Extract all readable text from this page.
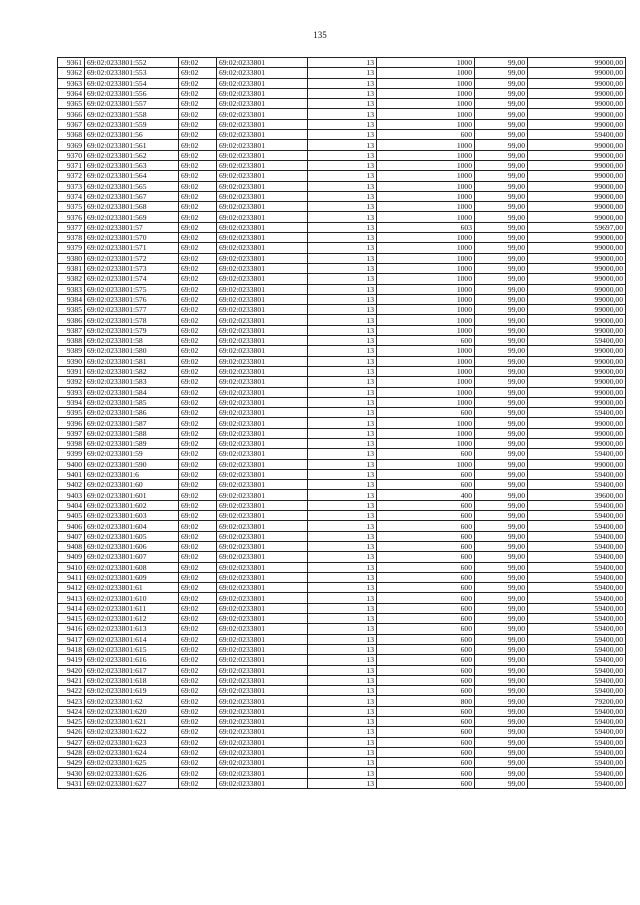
135
9361	69:02:0233801:552	69:02	69:02:0233801	13	1000	99,00	99000,00
9362	69:02:0233801:553	69:02	69:02:0233801	13	1000	99,00	99000,00
9363	69:02:0233801:554	69:02	69:02:0233801	13	1000	99,00	99000,00
9364	69:02:0233801:556	69:02	69:02:0233801	13	1000	99,00	99000,00
9365	69:02:0233801:557	69:02	69:02:0233801	13	1000	99,00	99000,00
9366	69:02:0233801:558	69:02	69:02:0233801	13	1000	99,00	99000,00
9367	69:02:0233801:559	69:02	69:02:0233801	13	1000	99,00	99000,00
9368	69:02:0233801:56	69:02	69:02:0233801	13	600	99,00	59400,00
9369	69:02:0233801:561	69:02	69:02:0233801	13	1000	99,00	99000,00
9370	69:02:0233801:562	69:02	69:02:0233801	13	1000	99,00	99000,00
9371	69:02:0233801:563	69:02	69:02:0233801	13	1000	99,00	99000,00
9372	69:02:0233801:564	69:02	69:02:0233801	13	1000	99,00	99000,00
9373	69:02:0233801:565	69:02	69:02:0233801	13	1000	99,00	99000,00
9374	69:02:0233801:567	69:02	69:02:0233801	13	1000	99,00	99000,00
9375	69:02:0233801:568	69:02	69:02:0233801	13	1000	99,00	99000,00
9376	69:02:0233801:569	69:02	69:02:0233801	13	1000	99,00	99000,00
9377	69:02:0233801:57	69:02	69:02:0233801	13	603	99,00	59697,00
9378	69:02:0233801:570	69:02	69:02:0233801	13	1000	99,00	99000,00
9379	69:02:0233801:571	69:02	69:02:0233801	13	1000	99,00	99000,00
9380	69:02:0233801:572	69:02	69:02:0233801	13	1000	99,00	99000,00
9381	69:02:0233801:573	69:02	69:02:0233801	13	1000	99,00	99000,00
9382	69:02:0233801:574	69:02	69:02:0233801	13	1000	99,00	99000,00
9383	69:02:0233801:575	69:02	69:02:0233801	13	1000	99,00	99000,00
9384	69:02:0233801:576	69:02	69:02:0233801	13	1000	99,00	99000,00
9385	69:02:0233801:577	69:02	69:02:0233801	13	1000	99,00	99000,00
9386	69:02:0233801:578	69:02	69:02:0233801	13	1000	99,00	99000,00
9387	69:02:0233801:579	69:02	69:02:0233801	13	1000	99,00	99000,00
9388	69:02:0233801:58	69:02	69:02:0233801	13	600	99,00	59400,00
9389	69:02:0233801:580	69:02	69:02:0233801	13	1000	99,00	99000,00
9390	69:02:0233801:581	69:02	69:02:0233801	13	1000	99,00	99000,00
9391	69:02:0233801:582	69:02	69:02:0233801	13	1000	99,00	99000,00
9392	69:02:0233801:583	69:02	69:02:0233801	13	1000	99,00	99000,00
9393	69:02:0233801:584	69:02	69:02:0233801	13	1000	99,00	99000,00
9394	69:02:0233801:585	69:02	69:02:0233801	13	1000	99,00	99000,00
9395	69:02:0233801:586	69:02	69:02:0233801	13	600	99,00	59400,00
9396	69:02:0233801:587	69:02	69:02:0233801	13	1000	99,00	99000,00
9397	69:02:0233801:588	69:02	69:02:0233801	13	1000	99,00	99000,00
9398	69:02:0233801:589	69:02	69:02:0233801	13	1000	99,00	99000,00
9399	69:02:0233801:59	69:02	69:02:0233801	13	600	99,00	59400,00
9400	69:02:0233801:590	69:02	69:02:0233801	13	1000	99,00	99000,00
9401	69:02:0233801:6	69:02	69:02:0233801	13	600	99,00	59400,00
9402	69:02:0233801:60	69:02	69:02:0233801	13	600	99,00	59400,00
9403	69:02:0233801:601	69:02	69:02:0233801	13	400	99,00	39600,00
9404	69:02:0233801:602	69:02	69:02:0233801	13	600	99,00	59400,00
9405	69:02:0233801:603	69:02	69:02:0233801	13	600	99,00	59400,00
9406	69:02:0233801:604	69:02	69:02:0233801	13	600	99,00	59400,00
9407	69:02:0233801:605	69:02	69:02:0233801	13	600	99,00	59400,00
9408	69:02:0233801:606	69:02	69:02:0233801	13	600	99,00	59400,00
9409	69:02:0233801:607	69:02	69:02:0233801	13	600	99,00	59400,00
9410	69:02:0233801:608	69:02	69:02:0233801	13	600	99,00	59400,00
9411	69:02:0233801:609	69:02	69:02:0233801	13	600	99,00	59400,00
9412	69:02:0233801:61	69:02	69:02:0233801	13	600	99,00	59400,00
9413	69:02:0233801:610	69:02	69:02:0233801	13	600	99,00	59400,00
9414	69:02:0233801:611	69:02	69:02:0233801	13	600	99,00	59400,00
9415	69:02:0233801:612	69:02	69:02:0233801	13	600	99,00	59400,00
9416	69:02:0233801:613	69:02	69:02:0233801	13	600	99,00	59400,00
9417	69:02:0233801:614	69:02	69:02:0233801	13	600	99,00	59400,00
9418	69:02:0233801:615	69:02	69:02:0233801	13	600	99,00	59400,00
9419	69:02:0233801:616	69:02	69:02:0233801	13	600	99,00	59400,00
9420	69:02:0233801:617	69:02	69:02:0233801	13	600	99,00	59400,00
9421	69:02:0233801:618	69:02	69:02:0233801	13	600	99,00	59400,00
9422	69:02:0233801:619	69:02	69:02:0233801	13	600	99,00	59400,00
9423	69:02:0233801:62	69:02	69:02:0233801	13	800	99,00	79200,00
9424	69:02:0233801:620	69:02	69:02:0233801	13	600	99,00	59400,00
9425	69:02:0233801:621	69:02	69:02:0233801	13	600	99,00	59400,00
9426	69:02:0233801:622	69:02	69:02:0233801	13	600	99,00	59400,00
9427	69:02:0233801:623	69:02	69:02:0233801	13	600	99,00	59400,00
9428	69:02:0233801:624	69:02	69:02:0233801	13	600	99,00	59400,00
9429	69:02:0233801:625	69:02	69:02:0233801	13	600	99,00	59400,00
9430	69:02:0233801:626	69:02	69:02:0233801	13	600	99,00	59400,00
9431	69:02:0233801:627	69:02	69:02:0233801	13	600	99,00	59400,00
